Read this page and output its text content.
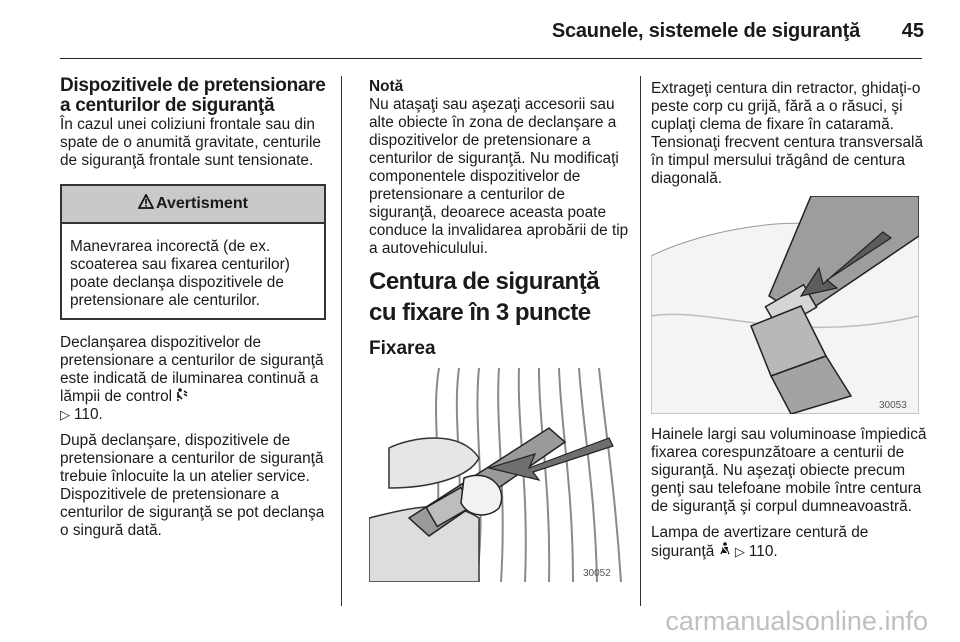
Scaunele, sistemele de siguranţă	45
Dispozitivele de pretensionare a centurilor de siguranţă

În cazul unei coliziuni frontale sau din spate de o anumită gravitate, centurile de siguranţă frontale sunt tensionate.

Avertisment
Manevrarea incorectă (de ex. scoaterea sau fixarea centurilor) poate declanşa dispozitivele de pretensionare ale centurilor.

Declanşarea dispozitivelor de pretensionare a centurilor de siguranţă este indicată de iluminarea continuă a lămpii de control
▷ 110.

După declanşare, dispozitivele de pretensionare a centurilor de siguranţă trebuie înlocuite la un atelier service. Dispozitivele de pretensionare a centurilor de siguranţă se pot declanşa o singură dată.

Notă

Nu ataşaţi sau aşezaţi accesorii sau alte obiecte în zona de declanşare a dispozitivelor de pretensionare a centurilor de siguranţă. Nu modificaţi componentele dispozitivelor de pretensionare a centurilor de siguranţă, deoarece aceasta poate conduce la invalidarea aprobării de tip a autovehiculului.

Centura de siguranţă cu fixare în 3 puncte
Fixarea
30052

Extrageţi centura din retractor, ghidaţi-o peste corp cu grijă, fără a o răsuci, şi cuplaţi clema de fixare în cataramă. Tensionaţi frecvent centura transversală în timpul mersului trăgând de centura diagonală.

30053

Hainele largi sau voluminoase împiedică fixarea corespunzătoare a centurii de siguranţă. Nu aşezaţi obiecte precum genţi sau telefoane mobile între centura de siguranţă şi corpul dumneavoastră.

Lampa de avertizare centură de siguranţă ▷ 110.

carmanualsonline.info
